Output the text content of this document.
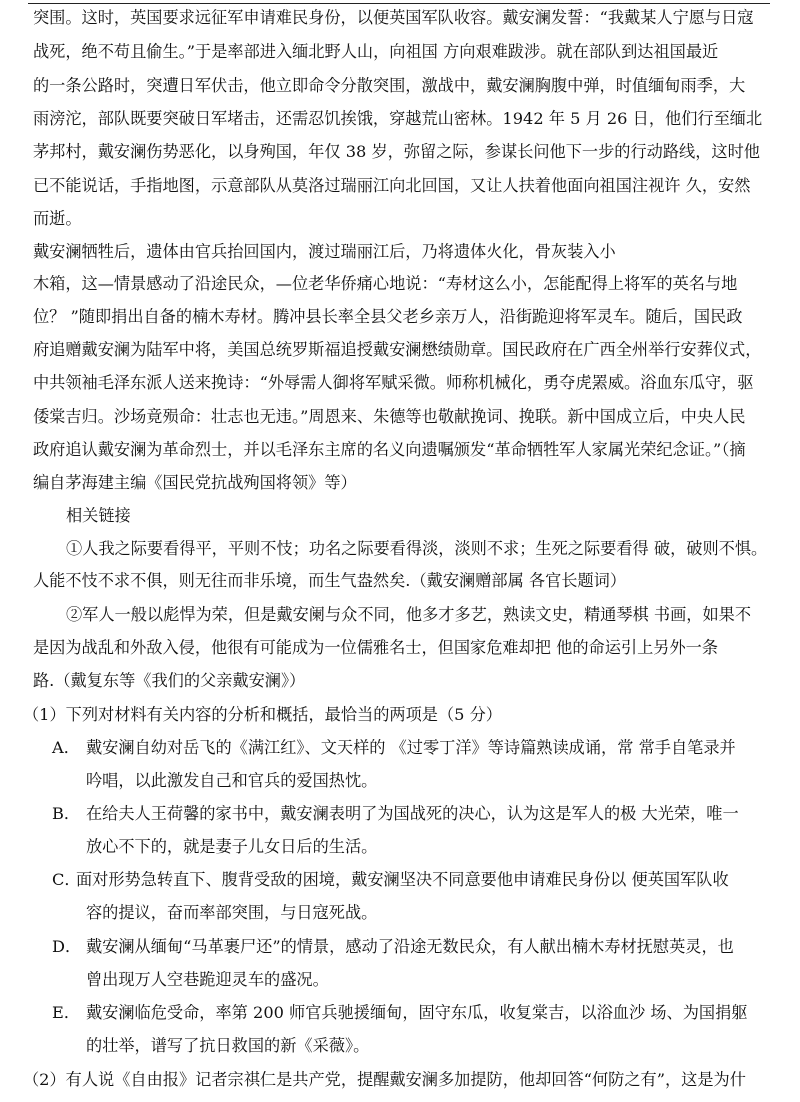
突围。这时，英国要求远征军申请难民身份，以便英国军队收容。戴安澜发誓：“我戴某人宁愿与日寇
战死，绝不苟且偷生。”于是率部进入缅北野人山，向祖国 方向艰难跋涉。就在部队到达祖国最近
的一条公路时，突遭日军伏击，他立即命令分散突围，激战中，戴安澜胸腹中弹，时值缅甸雨季，大
雨滂沱，部队既要突破日军堵击，还需忍饥挨饿，穿越荒山密林。1942 年 5 月 26 日，他们行至缅北
茅邦村，戴安澜伤势恶化，以身殉国，年仅 38 岁，弥留之际，参谋长问他下一步的行动路线，这时他
已不能说话，手指地图，示意部队从莫洛过瑞丽江向北回国，又让人扶着他面向祖国注视许 久，安然
而逝。
戴安澜牺牲后，遗体由官兵抬回国内，渡过瑞丽江后，乃将遗体火化，骨灰装入小
木箱，这—情景感动了沿途民众，—位老华侨痛心地说：“寿材这么小，怎能配得上将军的英名与地
位？ ”随即捐出自备的楠木寿材。腾冲县长率全县父老乡亲万人，沿街跪迎将军灵车。随后，国民政
府追赠戴安澜为陆军中将，美国总统罗斯福追授戴安澜懋绩勋章。国民政府在广西全州举行安葬仪式，
中共领袖毛泽东派人送来挽诗：“外辱需人御将军赋采微。师称机械化，勇夺虎罴威。浴血东瓜守，驱
倭棠吉归。沙场竟殒命：壮志也无违。”周恩来、朱德等也敬献挽词、挽联。新中国成立后，中央人民
政府追认戴安澜为革命烈士，并以毛泽东主席的名义向遗嘱颁发“革命牺牲军人家属光荣纪念证。”（摘
编自茅海建主编《国民党抗战殉国将领》等）
相关链接
①人我之际要看得平，平则不忮；功名之际要看得淡，淡则不求；生死之际要看得 破，破则不惧。
人能不忮不求不俱，则无往而非乐境，而生气盎然矣.（戴安澜赠部属 各官长题词）
②军人一般以彪悍为荣，但是戴安阑与众不同，他多才多艺，熟读文史，精通琴棋 书画，如果不
是因为战乱和外敌入侵，他很有可能成为一位儒雅名士，但国家危难却把 他的命运引上另外一条
路.（戴复东等《我们的父亲戴安澜》）
（1）下列对材料有关内容的分析和概括，最恰当的两项是（5 分）
A． 戴安澜自幼对岳飞的《满江红》、文天样的 《过零丁洋》等诗篇熟读成诵，常 常手自笔录并
吟唱，以此激发自己和官兵的爱国热忱。
B． 在给夫人王荷馨的家书中，戴安澜表明了为国战死的决心，认为这是军人的极 大光荣，唯一
放心不下的，就是妻子儿女日后的生活。
C．
面对形势急转直下、腹背受敌的困境，戴安澜坚决不同意要他申请难民身份以 便英国军队收
容的提议，奋而率部突围，与日寇死战。
D． 戴安澜从缅甸“马革裹尸还”的情景，感动了沿途无数民众，有人献出楠木寿材抚慰英灵，也
曾出现万人空巷跪迎灵车的盛况。
E． 戴安澜临危受命，率第 200 师官兵驰援缅甸，固守东瓜，收复棠吉，以浴血沙 场、为国捐躯
的壮举，谱写了抗日救国的新《采薇》。
（2）有人说《自由报》记者宗祺仁是共产党，提醒戴安澜多加提防，他却回答“何防之有”，这是为什
